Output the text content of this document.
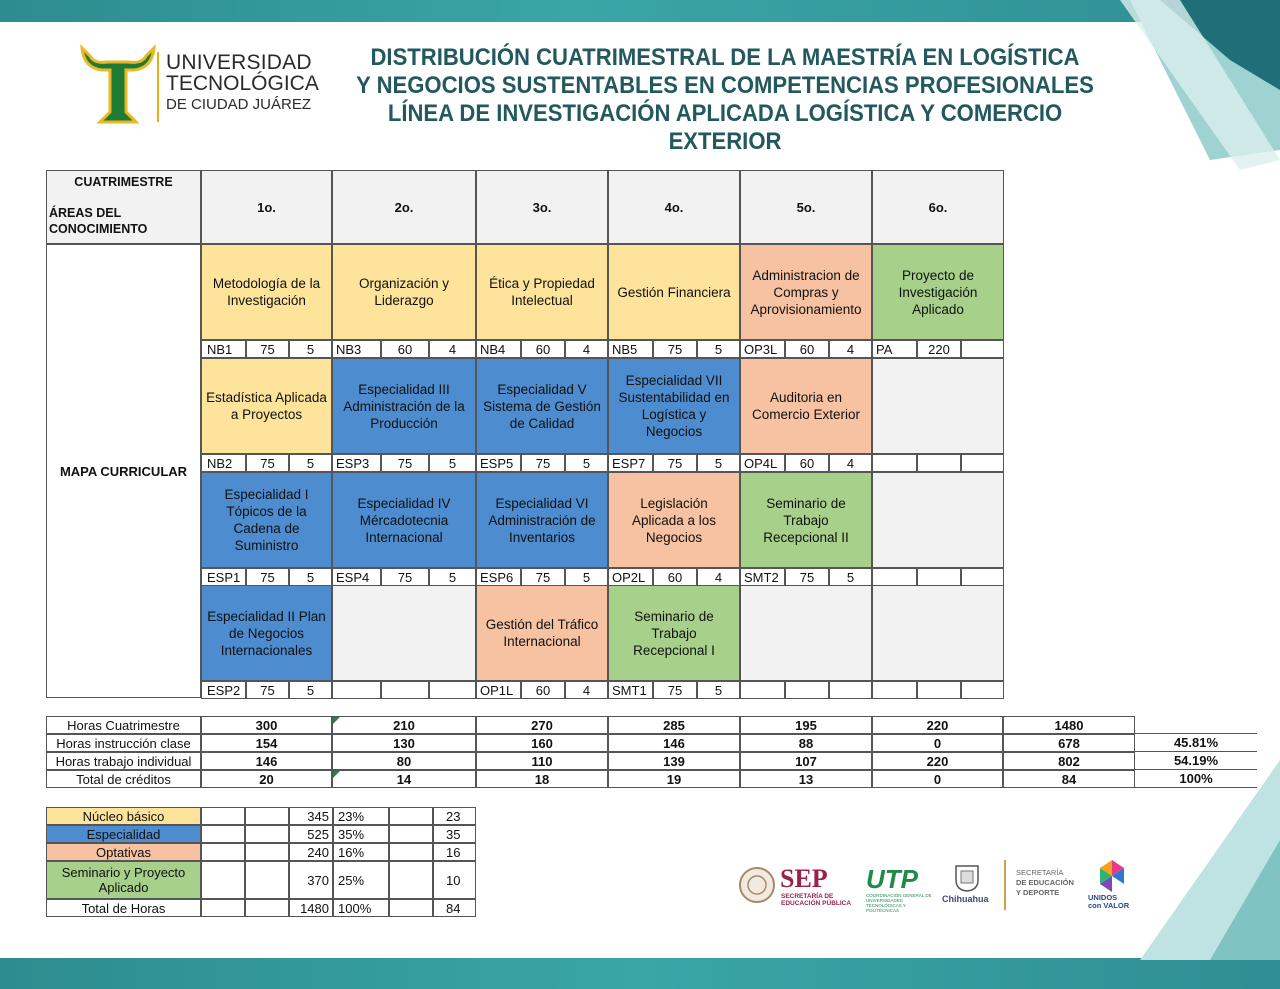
UNIVERSIDAD
TECNOLÓGICA
DE CIUDAD JUÁREZ
DISTRIBUCIÓN CUATRIMESTRAL DE LA MAESTRÍA EN LOGÍSTICA
Y NEGOCIOS SUSTENTABLES EN COMPETENCIAS PROFESIONALES
LÍNEA DE INVESTIGACIÓN APLICADA LOGÍSTICA Y COMERCIO EXTERIOR
CUATRIMESTRE
ÁREAS DEL CONOCIMIENTO
1o.	2o.	3o.	4o.	5o.	6o.
MAPA CURRICULAR
Metodología de la Investigación
NB1	75	5
Organización y Liderazgo
NB3	60	4
Ética y Propiedad Intelectual
NB4	60	4
Gestión Financiera
NB5	75	5
Administracion de Compras y Aprovisionamiento
OP3L	60	4
Proyecto de Investigación Aplicado
PA	220
Estadística Aplicada a Proyectos
NB2	75	5
Especialidad III Administración de la Producción
ESP3	75	5
Especialidad V Sistema de Gestión de Calidad
ESP5	75	5
Especialidad VII Sustentabilidad en Logística y Negocios
ESP7	75	5
Auditoria en Comercio Exterior
OP4L	60	4
Especialidad I Tópicos de la Cadena de Suministro
ESP1	75	5
Especialidad IV Mércadotecnia Internacional
ESP4	75	5
Especialidad VI Administración de Inventarios
ESP6	75	5
Legislación Aplicada a los Negocios
OP2L	60	4
Seminario de Trabajo Recepcional II
SMT2	75	5
Especialidad II Plan de Negocios Internacionales
ESP2	75	5
Gestión del Tráfico Internacional
OP1L	60	4
Seminario de Trabajo Recepcional I
SMT1	75	5
Horas Cuatrimestre	300	210	270	285	195	220	1480
Horas instrucción clase	154	130	160	146	88	0	678	45.81%
Horas trabajo individual	146	80	110	139	107	220	802	54.19%
Total de créditos	20	14	18	19	13	0	84	100%
Núcleo básico	345 23%	23
Especialidad	525 35%	35
Optativas	240 16%	16
Seminario y Proyecto Aplicado	370 25%	10
Total de Horas	1480 100%	84
SEP
SECRETARÍA DE
EDUCACIÓN PÚBLICA
UTP
COORDINACIÓN GENERAL DE UNIVERSIDADES TECNOLÓGICAS Y POLITÉCNICAS
Chihuahua
SECRETARÍA
DE EDUCACIÓN
Y DEPORTE
UNIDOS
con VALOR
